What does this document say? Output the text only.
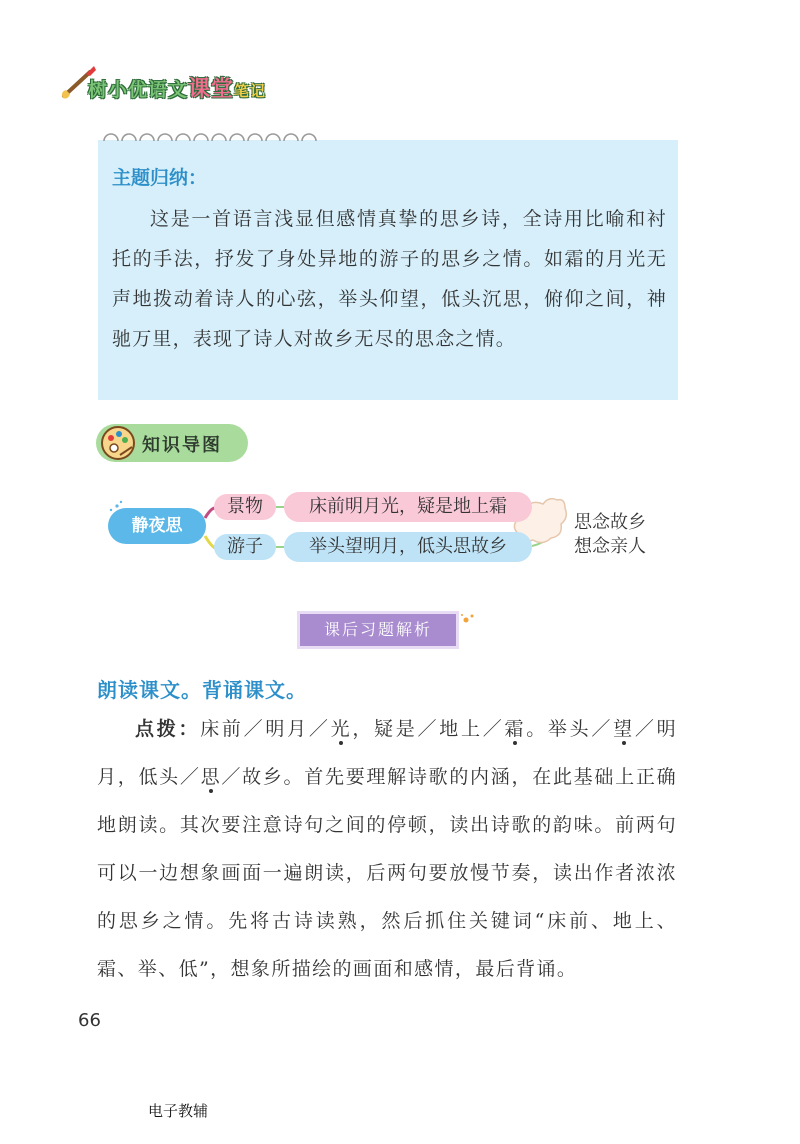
树小优语文课堂笔记
主题归纳：
这是一首语言浅显但感情真挚的思乡诗，全诗用比喻和衬托的手法，抒发了身处异地的游子的思乡之情。如霜的月光无声地拨动着诗人的心弦，举头仰望，低头沉思，俯仰之间，神驰万里，表现了诗人对故乡无尽的思念之情。
知识导图
静夜思
景物
游子
床前明月光，疑是地上霜
举头望明月，低头思故乡
思念故乡
想念亲人
课后习题解析
朗读课文。背诵课文。
点拨：床前／明月／光，疑是／地上／霜。举头／望／明月，低头／思／故乡。首先要理解诗歌的内涵，在此基础上正确地朗读。其次要注意诗句之间的停顿，读出诗歌的韵味。前两句可以一边想象画面一遍朗读，后两句要放慢节奏，读出作者浓浓的思乡之情。先将古诗读熟，然后抓住关键词“床前、地上、霜、举、低”，想象所描绘的画面和感情，最后背诵。
66
电子教辅
